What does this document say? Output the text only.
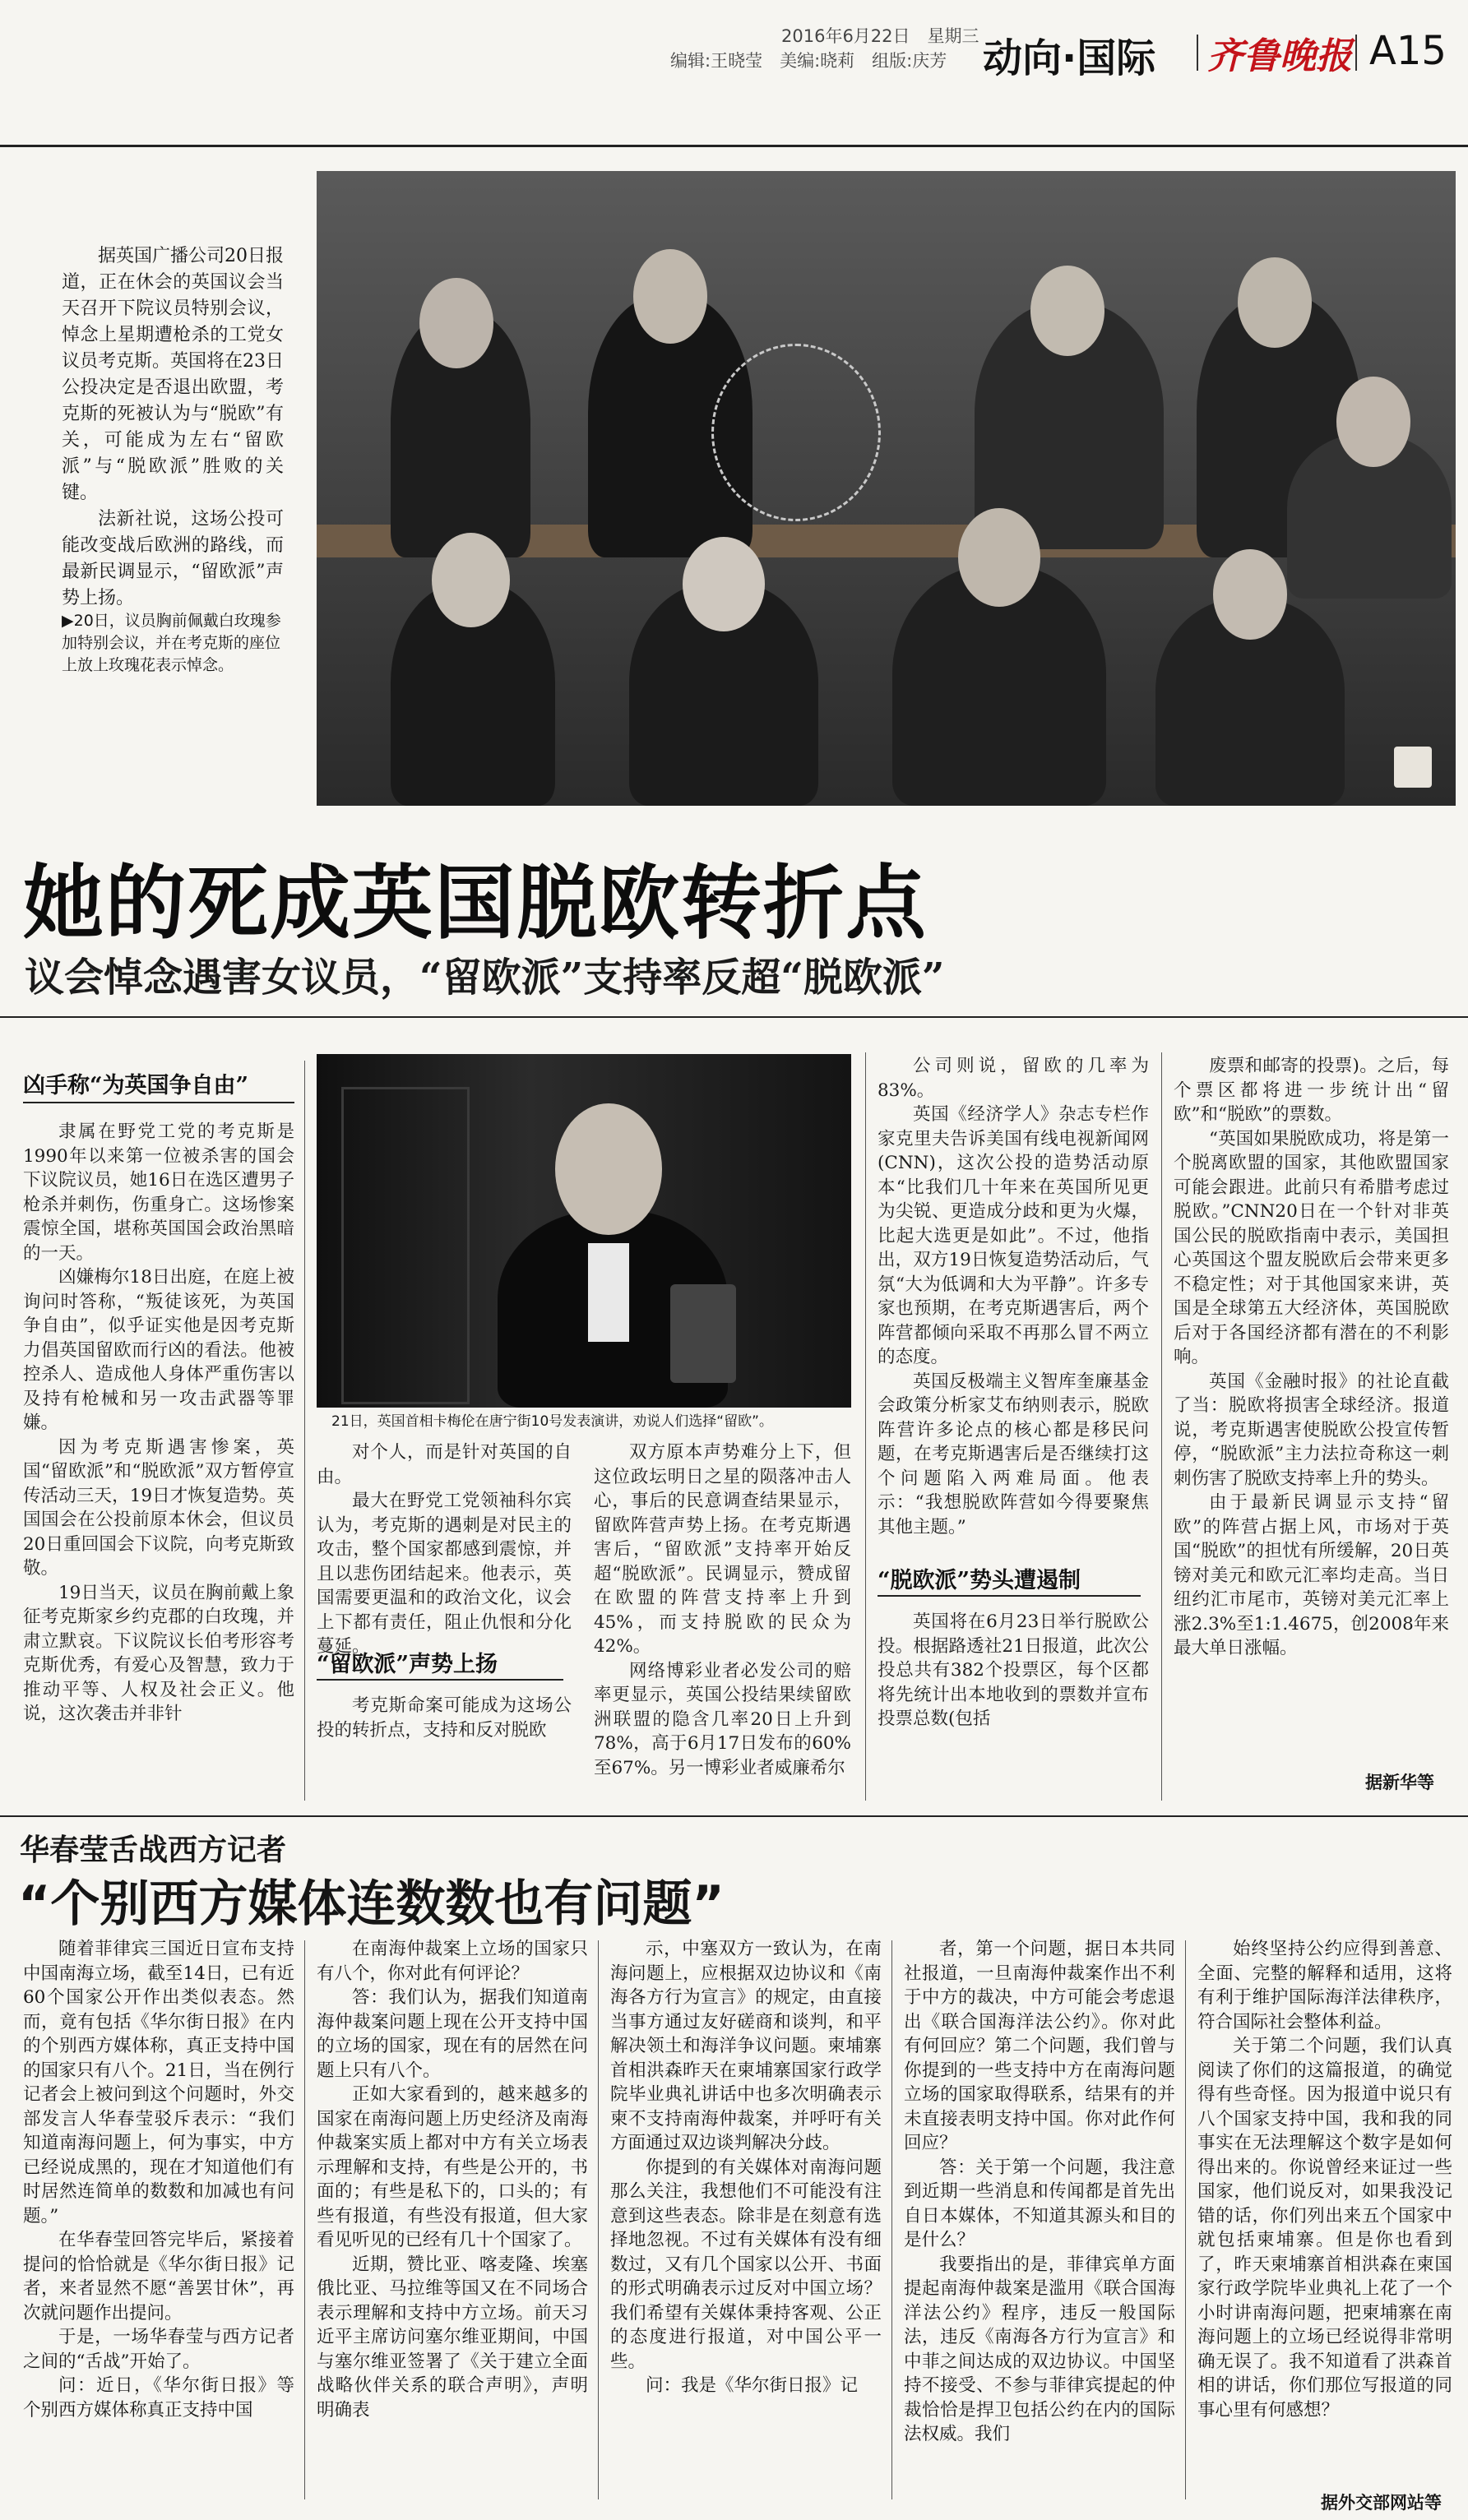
2016年6月22日　星期三
编辑:王晓莹　美编:晓莉　组版:庆芳 动向·国际 齐鲁晚报 A15

据英国广播公司20日报道，正在休会的英国议会当天召开下院议员特别会议，悼念上星期遭枪杀的工党女议员考克斯。英国将在23日公投决定是否退出欧盟，考克斯的死被认为与“脱欧”有关，可能成为左右“留欧派”与“脱欧派”胜败的关键。

法新社说，这场公投可能改变战后欧洲的路线，而最新民调显示，“留欧派”声势上扬。

▶20日，议员胸前佩戴白玫瑰参加特别会议，并在考克斯的座位上放上玫瑰花表示悼念。
她的死成英国脱欧转折点
议会悼念遇害女议员，“留欧派”支持率反超“脱欧派”
凶手称“为英国争自由”

隶属在野党工党的考克斯是1990年以来第一位被杀害的国会下议院议员，她16日在选区遭男子枪杀并刺伤，伤重身亡。这场惨案震惊全国，堪称英国国会政治黑暗的一天。

凶嫌梅尔18日出庭，在庭上被询问时答称，“叛徒该死，为英国争自由”，似乎证实他是因考克斯力倡英国留欧而行凶的看法。他被控杀人、造成他人身体严重伤害以及持有枪械和另一攻击武器等罪嫌。

因为考克斯遇害惨案，英国“留欧派”和“脱欧派”双方暂停宣传活动三天，19日才恢复造势。英国国会在公投前原本休会，但议员20日重回国会下议院，向考克斯致敬。

19日当天，议员在胸前戴上象征考克斯家乡约克郡的白玫瑰，并肃立默哀。下议院议长伯考形容考克斯优秀，有爱心及智慧，致力于推动平等、人权及社会正义。他说，这次袭击并非针

21日，英国首相卡梅伦在唐宁街10号发表演讲，劝说人们选择“留欧”。

对个人，而是针对英国的自由。

最大在野党工党领袖科尔宾认为，考克斯的遇刺是对民主的攻击，整个国家都感到震惊，并且以悲伤团结起来。他表示，英国需要更温和的政治文化，议会上下都有责任，阻止仇恨和分化蔓延。

“留欧派”声势上扬

考克斯命案可能成为这场公投的转折点，支持和反对脱欧

双方原本声势难分上下，但这位政坛明日之星的陨落冲击人心，事后的民意调查结果显示，留欧阵营声势上扬。在考克斯遇害后，“留欧派”支持率开始反超“脱欧派”。民调显示，赞成留在欧盟的阵营支持率上升到45%，而支持脱欧的民众为42%。

网络博彩业者必发公司的赔率更显示，英国公投结果续留欧洲联盟的隐含几率20日上升到78%，高于6月17日发布的60%至67%。另一博彩业者威廉希尔

公司则说，留欧的几率为83%。

英国《经济学人》杂志专栏作家克里夫告诉美国有线电视新闻网(CNN)，这次公投的造势活动原本“比我们几十年来在英国所见更为尖锐、更造成分歧和更为火爆，比起大选更是如此”。不过，他指出，双方19日恢复造势活动后，气氛“大为低调和大为平静”。许多专家也预期，在考克斯遇害后，两个阵营都倾向采取不再那么冒不两立的态度。

英国反极端主义智库奎廉基金会政策分析家艾布纳则表示，脱欧阵营许多论点的核心都是移民问题，在考克斯遇害后是否继续打这个问题陷入两难局面。他表示：“我想脱欧阵营如今得要聚焦其他主题。”

“脱欧派”势头遭遏制

英国将在6月23日举行脱欧公投。根据路透社21日报道，此次公投总共有382个投票区，每个区都将先统计出本地收到的票数并宣布投票总数(包括

废票和邮寄的投票)。之后，每个票区都将进一步统计出“留欧”和“脱欧”的票数。

“英国如果脱欧成功，将是第一个脱离欧盟的国家，其他欧盟国家可能会跟进。此前只有希腊考虑过脱欧。”CNN20日在一个针对非英国公民的脱欧指南中表示，美国担心英国这个盟友脱欧后会带来更多不稳定性；对于其他国家来讲，英国是全球第五大经济体，英国脱欧后对于各国经济都有潜在的不利影响。

英国《金融时报》的社论直截了当：脱欧将损害全球经济。报道说，考克斯遇害使脱欧公投宣传暂停，“脱欧派”主力法拉奇称这一刺刺伤害了脱欧支持率上升的势头。

由于最新民调显示支持“留欧”的阵营占据上风，市场对于英国“脱欧”的担忧有所缓解，20日英镑对美元和欧元汇率均走高。当日纽约汇市尾市，英镑对美元汇率上涨2.3%至1:1.4675，创2008年来最大单日涨幅。

据新华等
华春莹舌战西方记者
“个别西方媒体连数数也有问题”

随着菲律宾三国近日宣布支持中国南海立场，截至14日，已有近60个国家公开作出类似表态。然而，竟有包括《华尔街日报》在内的个别西方媒体称，真正支持中国的国家只有八个。21日，当在例行记者会上被问到这个问题时，外交部发言人华春莹驳斥表示：“我们知道南海问题上，何为事实，中方已经说成黑的，现在才知道他们有时居然连简单的数数和加减也有问题。”

在华春莹回答完毕后，紧接着提问的恰恰就是《华尔街日报》记者，来者显然不愿“善罢甘休”，再次就问题作出提问。

于是，一场华春莹与西方记者之间的“舌战”开始了。

问：近日，《华尔街日报》等个别西方媒体称真正支持中国

在南海仲裁案上立场的国家只有八个，你对此有何评论？

答：我们认为，据我们知道南海仲裁案问题上现在公开支持中国的立场的国家，现在有的居然在问题上只有八个。

正如大家看到的，越来越多的国家在南海问题上历史经济及南海仲裁案实质上都对中方有关立场表示理解和支持，有些是公开的，书面的；有些是私下的，口头的；有些有报道，有些没有报道，但大家看见听见的已经有几十个国家了。

近期，赞比亚、喀麦隆、埃塞俄比亚、马拉维等国又在不同场合表示理解和支持中方立场。前天习近平主席访问塞尔维亚期间，中国与塞尔维亚签署了《关于建立全面战略伙伴关系的联合声明》，声明明确表

示，中塞双方一致认为，在南海问题上，应根据双边协议和《南海各方行为宣言》的规定，由直接当事方通过友好磋商和谈判，和平解决领土和海洋争议问题。柬埔寨首相洪森昨天在柬埔寨国家行政学院毕业典礼讲话中也多次明确表示柬不支持南海仲裁案，并呼吁有关方面通过双边谈判解决分歧。

你提到的有关媒体对南海问题那么关注，我想他们不可能没有注意到这些表态。除非是在刻意有选择地忽视。不过有关媒体有没有细数过，又有几个国家以公开、书面的形式明确表示过反对中国立场？我们希望有关媒体秉持客观、公正的态度进行报道，对中国公平一些。

问：我是《华尔街日报》记

者，第一个问题，据日本共同社报道，一旦南海仲裁案作出不利于中方的裁决，中方可能会考虑退出《联合国海洋法公约》。你对此有何回应？第二个问题，我们曾与你提到的一些支持中方在南海问题立场的国家取得联系，结果有的并未直接表明支持中国。你对此作何回应？

答：关于第一个问题，我注意到近期一些消息和传闻都是首先出自日本媒体，不知道其源头和目的是什么？

我要指出的是，菲律宾单方面提起南海仲裁案是滥用《联合国海洋法公约》程序，违反一般国际法，违反《南海各方行为宣言》和中菲之间达成的双边协议。中国坚持不接受、不参与菲律宾提起的仲裁恰恰是捍卫包括公约在内的国际法权威。我们

始终坚持公约应得到善意、全面、完整的解释和适用，这将有利于维护国际海洋法律秩序，符合国际社会整体利益。

关于第二个问题，我们认真阅读了你们的这篇报道，的确觉得有些奇怪。因为报道中说只有八个国家支持中国，我和我的同事实在无法理解这个数字是如何得出来的。你说曾经来证过一些国家，他们说反对，如果我没记错的话，你们列出来五个国家中就包括柬埔寨。但是你也看到了，昨天柬埔寨首相洪森在柬国家行政学院毕业典礼上花了一个小时讲南海问题，把柬埔寨在南海问题上的立场已经说得非常明确无误了。我不知道看了洪森首相的讲话，你们那位写报道的同事心里有何感想？

据外交部网站等
